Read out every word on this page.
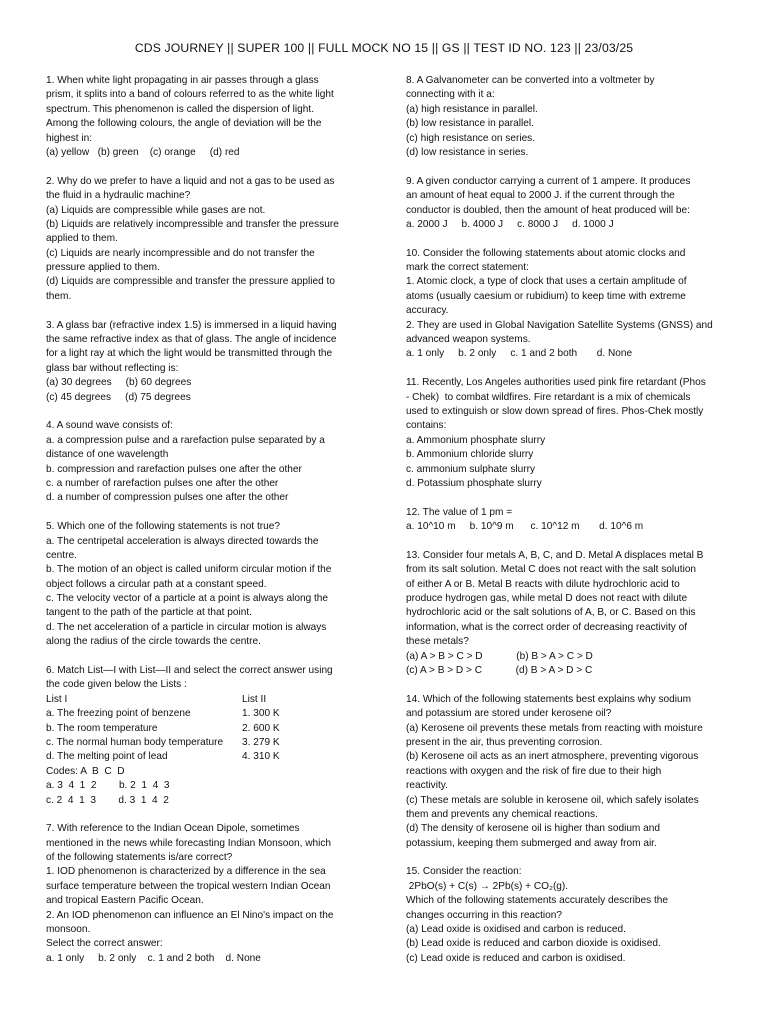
CDS JOURNEY || SUPER 100 || FULL MOCK NO 15 || GS || TEST ID NO. 123 || 23/03/25
1. When white light propagating in air passes through a glass
prism, it splits into a band of colours referred to as the white light
spectrum. This phenomenon is called the dispersion of light.
Among the following colours, the angle of deviation will be the
highest in:
(a) yellow   (b) green    (c) orange     (d) red
2. Why do we prefer to have a liquid and not a gas to be used as
the fluid in a hydraulic machine?
(a) Liquids are compressible while gases are not.
(b) Liquids are relatively incompressible and transfer the pressure
applied to them.
(c) Liquids are nearly incompressible and do not transfer the
pressure applied to them.
(d) Liquids are compressible and transfer the pressure applied to
them.
3. A glass bar (refractive index 1.5) is immersed in a liquid having
the same refractive index as that of glass. The angle of incidence
for a light ray at which the light would be transmitted through the
glass bar without reflecting is:
(a) 30 degrees     (b) 60 degrees
(c) 45 degrees     (d) 75 degrees
4. A sound wave consists of:
a. a compression pulse and a rarefaction pulse separated by a
distance of one wavelength
b. compression and rarefaction pulses one after the other
c. a number of rarefaction pulses one after the other
d. a number of compression pulses one after the other
5. Which one of the following statements is not true?
a. The centripetal acceleration is always directed towards the
centre.
b. The motion of an object is called uniform circular motion if the
object follows a circular path at a constant speed.
c. The velocity vector of a particle at a point is always along the
tangent to the path of the particle at that point.
d. The net acceleration of a particle in circular motion is always
along the radius of the circle towards the centre.
6. Match List—I with List—II and select the correct answer using
the code given below the Lists :
List I	List II
a. The freezing point of benzene	1. 300 K
b. The room temperature	2. 600 K
c. The normal human body temperature	3. 279 K
d. The melting point of lead	4. 310 K
Codes: A  B  C  D
a. 3  4  1  2        b. 2  1  4  3
c. 2  4  1  3        d. 3  1  4  2
7. With reference to the Indian Ocean Dipole, sometimes
mentioned in the news while forecasting Indian Monsoon, which
of the following statements is/are correct?
1. IOD phenomenon is characterized by a difference in the sea
surface temperature between the tropical western Indian Ocean
and tropical Eastern Pacific Ocean.
2. An IOD phenomenon can influence an El Nino's impact on the
monsoon.
Select the correct answer:
a. 1 only     b. 2 only    c. 1 and 2 both    d. None
8. A Galvanometer can be converted into a voltmeter by
connecting with it a:
(a) high resistance in parallel.
(b) low resistance in parallel.
(c) high resistance on series.
(d) low resistance in series.
9. A given conductor carrying a current of 1 ampere. It produces
an amount of heat equal to 2000 J. if the current through the
conductor is doubled, then the amount of heat produced will be:
a. 2000 J     b. 4000 J     c. 8000 J     d. 1000 J
10. Consider the following statements about atomic clocks and
mark the correct statement:
1. Atomic clock, a type of clock that uses a certain amplitude of
atoms (usually caesium or rubidium) to keep time with extreme
accuracy.
2. They are used in Global Navigation Satellite Systems (GNSS) and
advanced weapon systems.
a. 1 only     b. 2 only     c. 1 and 2 both       d. None
11. Recently, Los Angeles authorities used pink fire retardant (Phos
- Chek)  to combat wildfires. Fire retardant is a mix of chemicals
used to extinguish or slow down spread of fires. Phos-Chek mostly
contains:
a. Ammonium phosphate slurry
b. Ammonium chloride slurry
c. ammonium sulphate slurry
d. Potassium phosphate slurry
12. The value of 1 pm =
a. 10^10 m     b. 10^9 m      c. 10^12 m       d. 10^6 m
13. Consider four metals A, B, C, and D. Metal A displaces metal B
from its salt solution. Metal C does not react with the salt solution
of either A or B. Metal B reacts with dilute hydrochloric acid to
produce hydrogen gas, while metal D does not react with dilute
hydrochloric acid or the salt solutions of A, B, or C. Based on this
information, what is the correct order of decreasing reactivity of
these metals?
(a) A > B > C > D            (b) B > A > C > D
(c) A > B > D > C            (d) B > A > D > C
14. Which of the following statements best explains why sodium
and potassium are stored under kerosene oil?
(a) Kerosene oil prevents these metals from reacting with moisture
present in the air, thus preventing corrosion.
(b) Kerosene oil acts as an inert atmosphere, preventing vigorous
reactions with oxygen and the risk of fire due to their high
reactivity.
(c) These metals are soluble in kerosene oil, which safely isolates
them and prevents any chemical reactions.
(d) The density of kerosene oil is higher than sodium and
potassium, keeping them submerged and away from air.
15. Consider the reaction:
2PbO(s) + C(s) → 2Pb(s) + CO₂(g).
Which of the following statements accurately describes the
changes occurring in this reaction?
(a) Lead oxide is oxidised and carbon is reduced.
(b) Lead oxide is reduced and carbon dioxide is oxidised.
(c) Lead oxide is reduced and carbon is oxidised.
